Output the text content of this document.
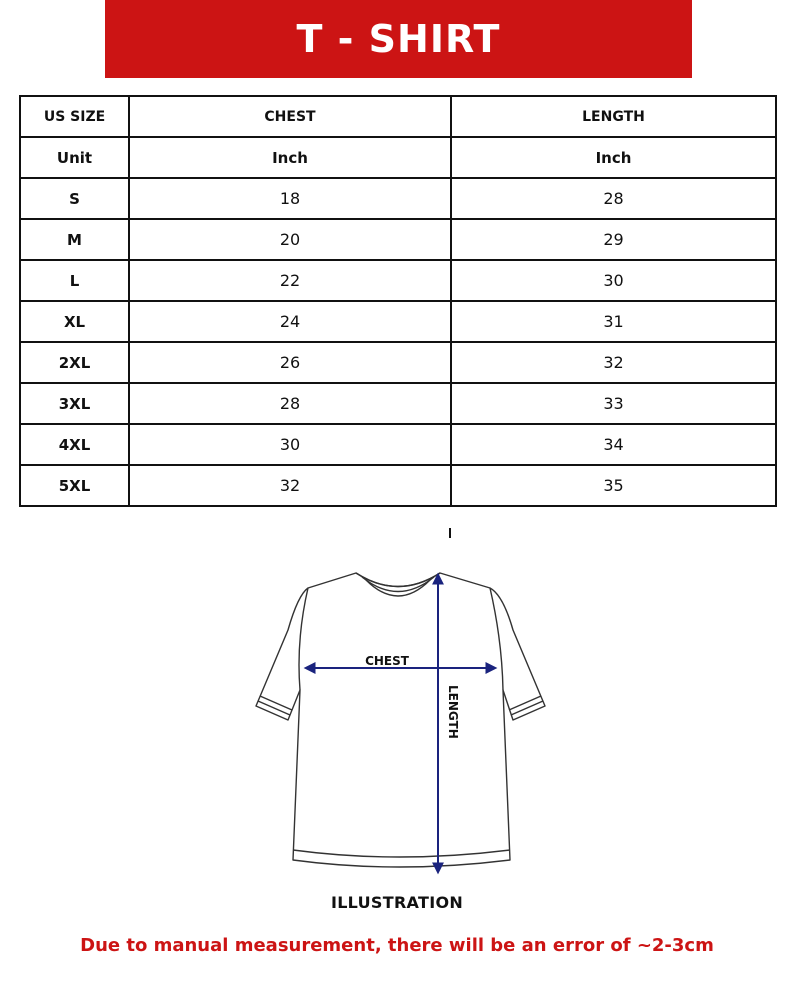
T - SHIRT
US SIZE	CHEST	LENGTH
Unit	Inch	Inch
S	18	28
M	20	29
L	22	30
XL	24	31
2XL	26	32
3XL	28	33
4XL	30	34
5XL	32	35
CHEST
LENGTH
ILLUSTRATION
Due to manual measurement, there will be an error of ~2-3cm
